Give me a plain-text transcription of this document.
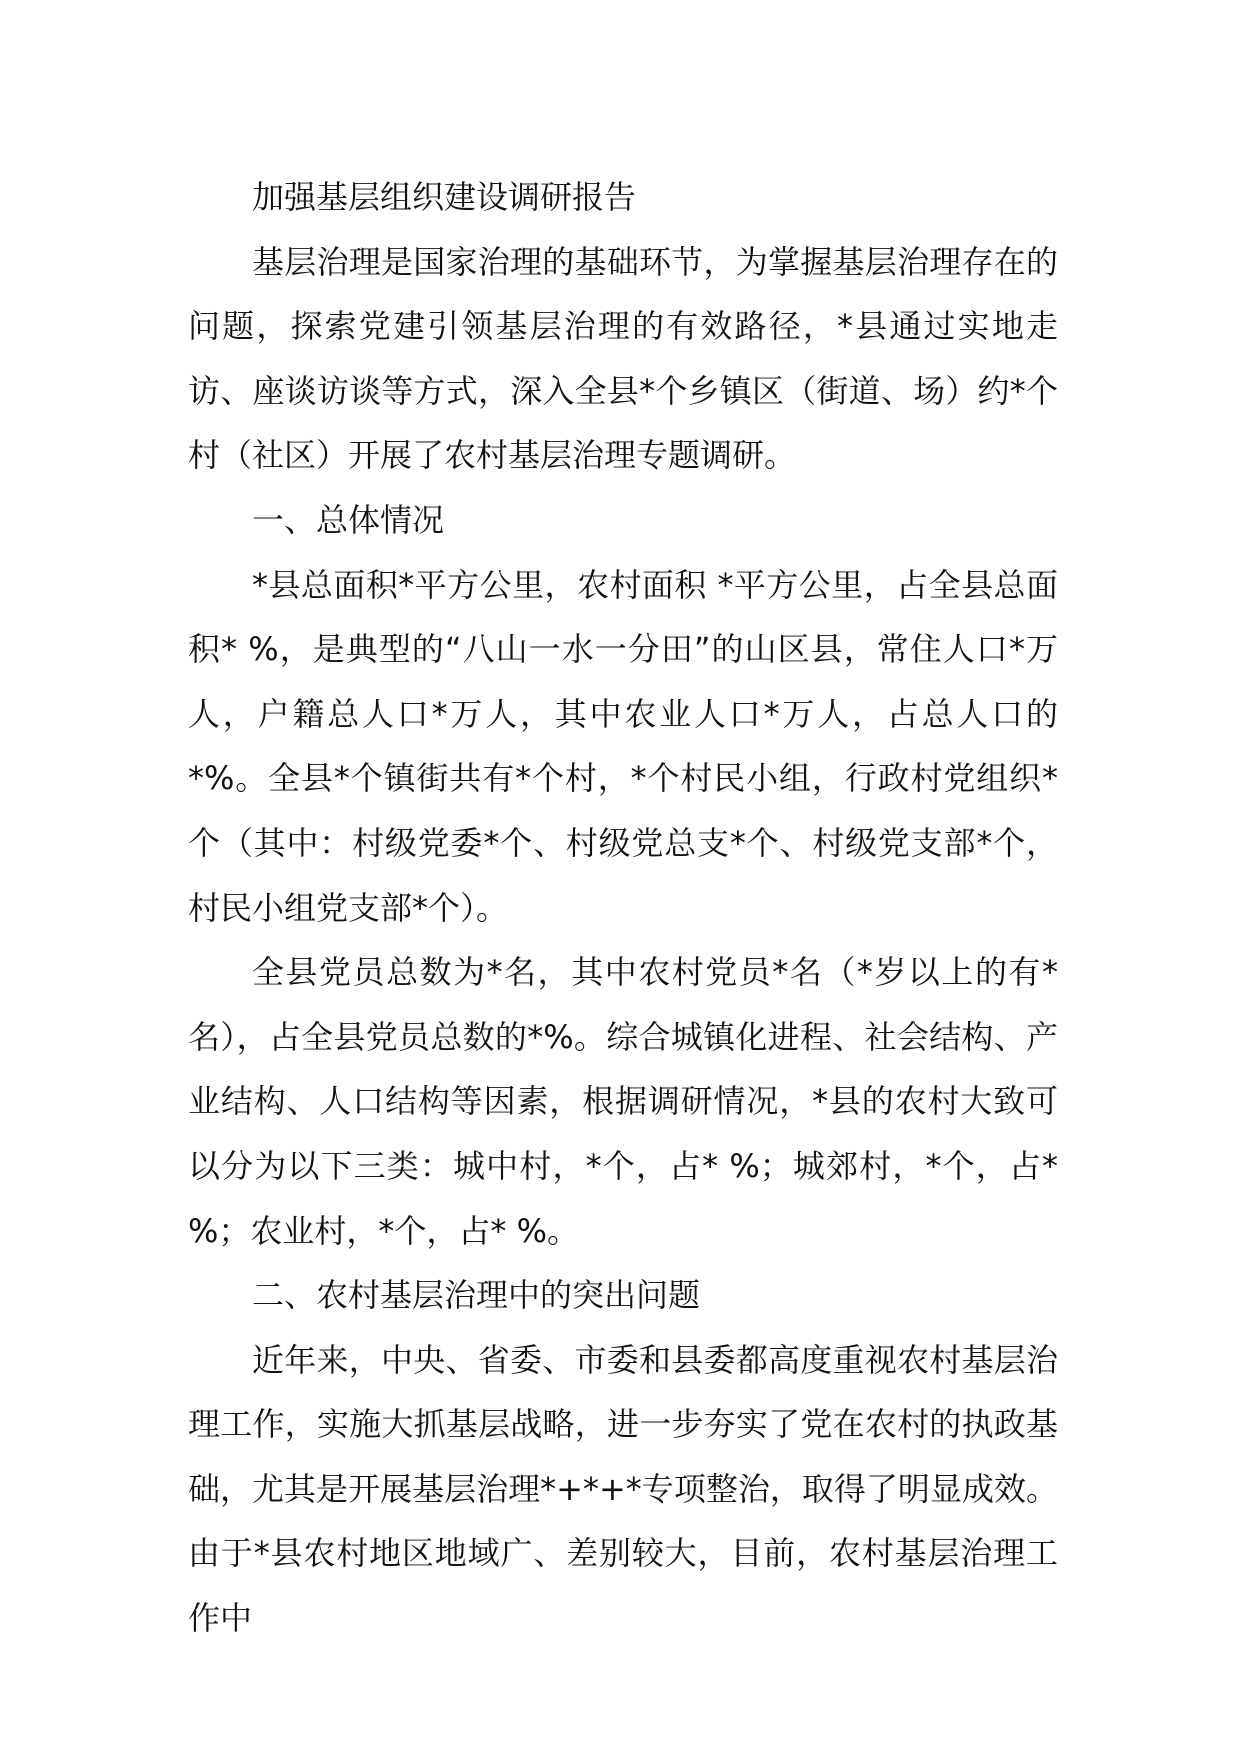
加强基层组织建设调研报告

基层治理是国家治理的基础环节，为掌握基层治理存在的问题，探索党建引领基层治理的有效路径，*县通过实地走访、座谈访谈等方式，深入全县*个乡镇区（街道、场）约*个村（社区）开展了农村基层治理专题调研。

一、总体情况

*县总面积*平方公里，农村面积 *平方公里，占全县总面积* %，是典型的“八山一水一分田”的山区县，常住人口*万人，户籍总人口*万人，其中农业人口*万人，占总人口的*%。全县*个镇街共有*个村，*个村民小组，行政村党组织*个（其中：村级党委*个、村级党总支*个、村级党支部*个，村民小组党支部*个）。

全县党员总数为*名，其中农村党员*名（*岁以上的有*名），占全县党员总数的*%。综合城镇化进程、社会结构、产业结构、人口结构等因素，根据调研情况，*县的农村大致可以分为以下三类：城中村，*个，占* %；城郊村，*个，占* %；农业村，*个，占* %。

二、农村基层治理中的突出问题

近年来，中央、省委、市委和县委都高度重视农村基层治理工作，实施大抓基层战略，进一步夯实了党在农村的执政基础，尤其是开展基层治理*+*+*专项整治，取得了明显成效。由于*县农村地区地域广、差别较大，目前，农村基层治理工作中
